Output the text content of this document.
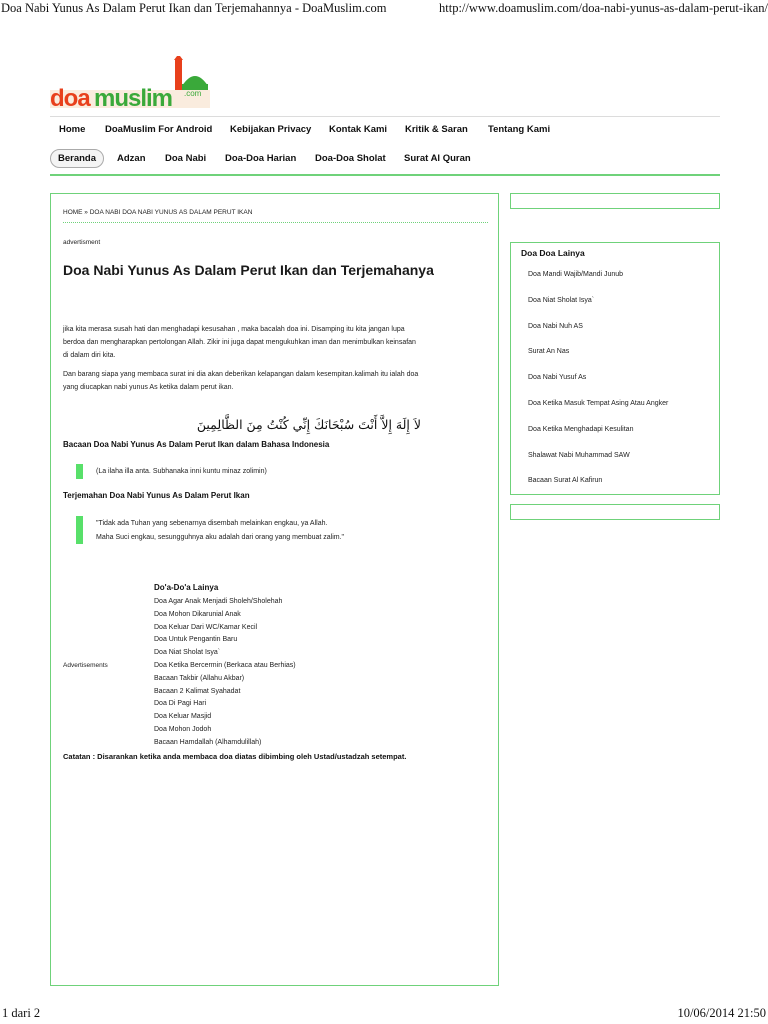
Doa Nabi Yunus As Dalam Perut Ikan dan Terjemahannya - DoaMuslim.com	http://www.doamuslim.com/doa-nabi-yunus-as-dalam-perut-ikan/
.com
doa muslim
Home DoaMuslim For Android Kebijakan Privacy Kontak Kami Kritik & Saran Tentang Kami
Beranda	Adzan Doa Nabi Doa-Doa Harian Doa-Doa Sholat Surat Al Quran
HOME » DOA NABI DOA NABI YUNUS AS DALAM PERUT IKAN
advertisment
Doa Nabi Yunus As Dalam Perut Ikan dan Terjemahanya
jika kita merasa susah hati dan menghadapi kesusahan , maka bacalah doa ini. Disamping itu kita jangan lupa
berdoa dan mengharapkan pertolongan Allah. Zikir ini juga dapat mengukuhkan iman dan menimbulkan keinsafan
di dalam diri kita.
Dan barang siapa yang membaca surat ini dia akan deberikan kelapangan dalam kesempitan.kalimah itu ialah doa
yang diucapkan nabi yunus As ketika dalam perut ikan.
لاَ إِلَهَ إِلاَّ أَنْتَ سُبْحَانَكَ إِنِّي كُنْتُ مِنَ الظَّالِمِينَ
Bacaan Doa Nabi Yunus As Dalam Perut Ikan dalam Bahasa Indonesia
(La ilaha illa anta. Subhanaka inni kuntu minaz zolimin)
Terjemahan Doa Nabi Yunus As Dalam Perut Ikan
"Tidak ada Tuhan yang sebenarnya disembah melainkan engkau, ya Allah.
Maha Suci engkau, sesungguhnya aku adalah dari orang yang membuat zalim."
Do'a-Do'a Lainya
Doa Agar Anak Menjadi Sholeh/Sholehah
Doa Mohon Dikarunial Anak
Doa Keluar Dari WC/Kamar Kecil
Doa Untuk Pengantin Baru
Doa Niat Sholat Isya`
Doa Ketika Bercermin (Berkaca atau Berhias)
Bacaan Takbir (Allahu Akbar)
Bacaan 2 Kalimat Syahadat
Doa Di Pagi Hari
Doa Keluar Masjid
Doa Mohon Jodoh
Bacaan Hamdallah (Alhamdulillah)
Advertisements
Catatan : Disarankan ketika anda membaca doa diatas dibimbing oleh Ustad/ustadzah setempat.
Doa Doa Lainya
Doa Mandi Wajib/Mandi Junub
Doa Niat Sholat Isya`
Doa Nabi Nuh AS
Surat An Nas
Doa Nabi Yusuf As
Doa Ketika Masuk Tempat Asing Atau Angker
Doa Ketika Menghadapi Kesulitan
Shalawat Nabi Muhammad SAW
Bacaan Surat Al Kafirun
1 dari 2	10/06/2014 21:50
